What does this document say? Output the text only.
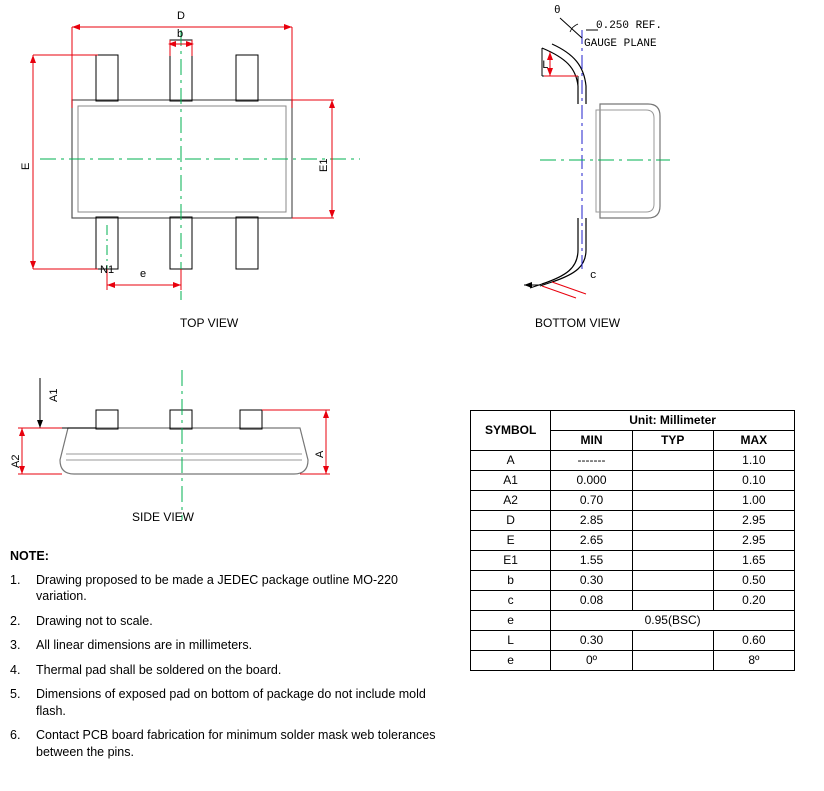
D
b
E	E1
N1 e
TOP VIEW
θ
0.250 REF.
GAUGE PLANE
L
c
BOTTOM VIEW
A1
A2
A
SIDE VIEW
NOTE:
1.	Drawing proposed to be made a JEDEC package outline MO-220 variation.
2.	Drawing not to scale.
3.	All linear dimensions are in millimeters.
4.	Thermal pad shall be soldered on the board.
5.	Dimensions of exposed pad on bottom of package do not include mold flash.
6.	Contact PCB board fabrication for minimum solder mask web tolerances between the pins.
SYMBOL	Unit: Millimeter		
	MIN	TYP	MAX
A	-------		1.10
A1	0.000		0.10
A2	0.70		1.00
D	2.85		2.95
E	2.65		2.95
E1	1.55		1.65
b	0.30		0.50
c	0.08		0.20
e	0.95(BSC)		
L	0.30		0.60
e	0º		8º
